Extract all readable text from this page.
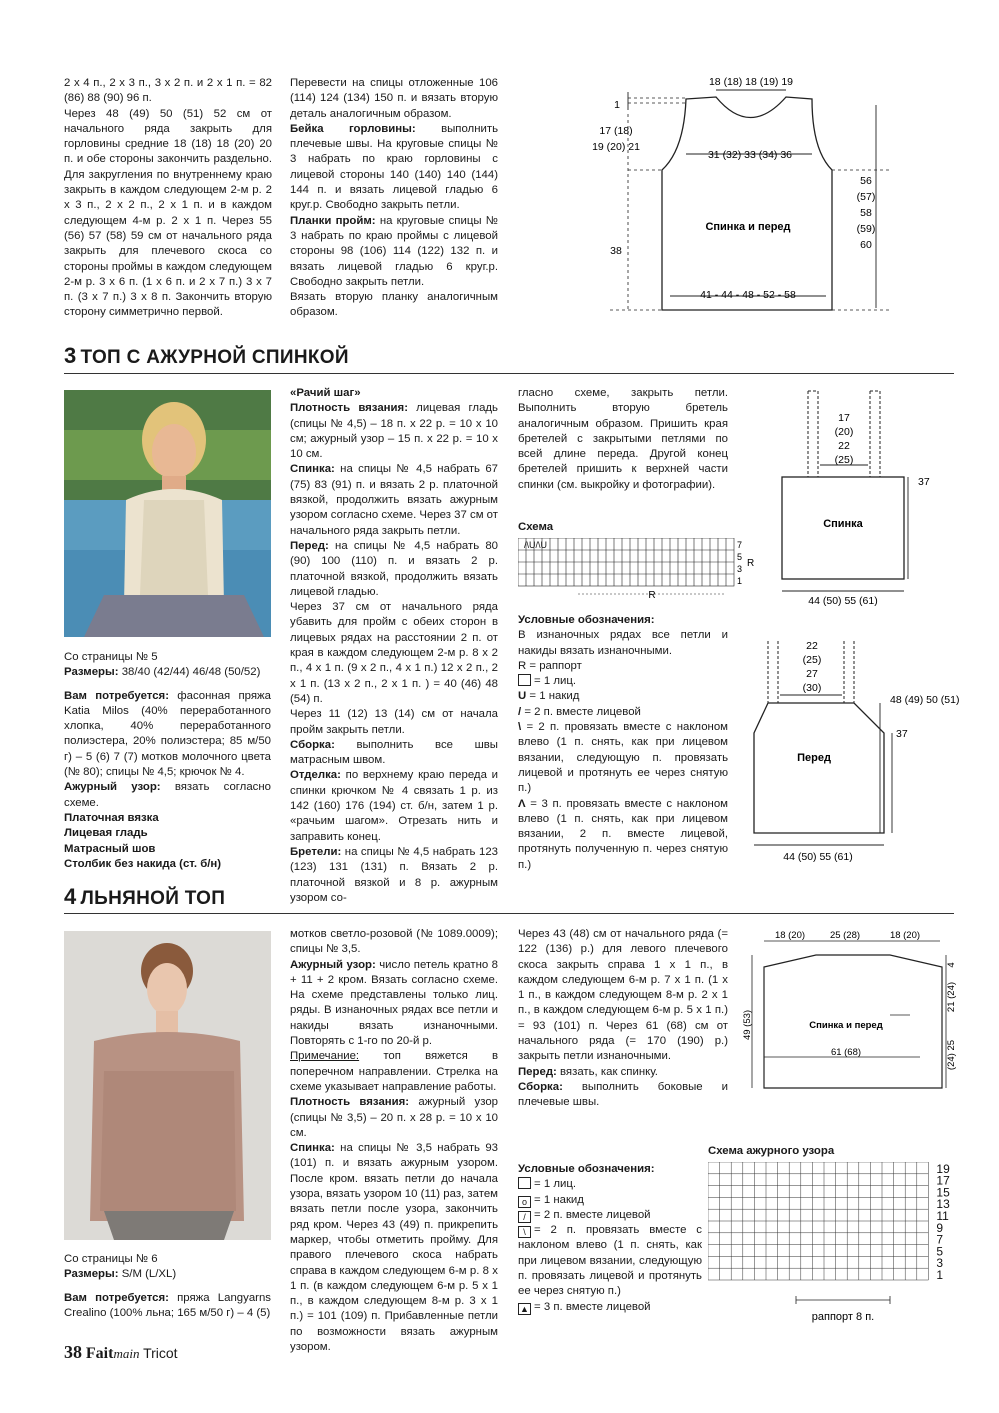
2 х 4 п., 2 х 3 п., 3 х 2 п. и 2 х 1 п. = 82 (86) 88 (90) 96 п.

Через 48 (49) 50 (51) 52 см от начального ряда закрыть для горловины средние 18 (18) 18 (20) 20 п. и обе стороны закончить раздельно. Для закругления по внутреннему краю закрыть в каждом следующем 2-м р. 2 х 3 п., 2 х 2 п., 2 х 1 п. и в каждом следующем 4-м р. 2 х 1 п. Через 55 (56) 57 (58) 59 см от начального ряда закрыть для плечевого скоса со стороны проймы в каждом следующем 2-м р. 3 х 6 п. (1 х 6 п. и 2 х 7 п.) 3 х 7 п. (3 х 7 п.) 3 х 8 п. Закончить вторую сторону симметрично первой.

Перевести на спицы отложенные 106 (114) 124 (134) 150 п. и вязать вторую деталь аналогичным образом.

Бейка горловины: выполнить плечевые швы. На круговые спицы № 3 набрать по краю горловины с лицевой стороны 140 (140) 140 (144) 144 п. и вязать лицевой гладью 6 круг.р. Свободно закрыть петли.

Планки пройм: на круговые спицы № 3 набрать по краю проймы с лицевой стороны 98 (106) 114 (122) 132 п. и вязать лицевой гладью 6 круг.р. Свободно закрыть петли.

Вязать вторую планку аналогичным образом.

18 (18) 18 (19) 19
1
17 (18)
19 (20) 21
31 (32) 33 (34) 36
Спинка и перед
38
56
(57)
58
(59)
60
41 - 44 - 48 - 52 - 58
3 ТОП С АЖУРНОЙ СПИНКОЙ

Со страницы № 5

Размеры: 38/40 (42/44) 46/48 (50/52)

Вам потребуется: фасонная пряжа Katia Milos (40% переработанного хлопка, 40% переработанного полиэстера, 20% полиэстера; 85 м/50 г) – 5 (6) 7 (7) мотков молочного цвета (№ 80); спицы № 4,5; крючок № 4.

Ажурный узор: вязать согласно схеме.

Платочная вязка

Лицевая гладь

Матрасный шов

Столбик без накида (ст. б/н)

«Рачий шаг»

Плотность вязания: лицевая гладь (спицы № 4,5) – 18 п. х 22 р. = 10 х 10 см; ажурный узор – 15 п. х 22 р. = 10 х 10 см.

Спинка: на спицы № 4,5 набрать 67 (75) 83 (91) п. и вязать 2 р. платочной вязкой, продолжить вязать ажурным узором согласно схеме. Через 37 см от начального ряда закрыть петли.

Перед: на спицы № 4,5 набрать 80 (90) 100 (110) п. и вязать 2 р. платочной вязкой, продолжить вязать лицевой гладью.

Через 37 см от начального ряда убавить для пройм с обеих сторон в лицевых рядах на расстоянии 2 п. от края в каждом следующем 2-м р. 8 х 2 п., 4 х 1 п. (9 х 2 п., 4 х 1 п.) 12 х 2 п., 2 х 1 п. (13 х 2 п., 2 х 1 п. ) = 40 (46) 48 (54) п.

Через 11 (12) 13 (14) см от начала пройм закрыть петли.

Сборка: выполнить все швы матрасным швом.

Отделка: по верхнему краю переда и спинки крючком № 4 связать 1 р. из 142 (160) 176 (194) ст. б/н, затем 1 р. «рачьим шагом». Отрезать нить и заправить конец.

Бретели: на спицы № 4,5 набрать 123 (123) 131 (131) п. Вязать 2 р. платочной вязкой и 8 р. ажурным узором со-

гласно схеме, закрыть петли. Выполнить вторую бретель аналогичным образом. Пришить края бретелей с закрытыми петлями по всей длине переда. Другой конец бретелей пришить к верхней части спинки (см. выкройку и фотографии).

Схема
/\U/\U	7
5
3
1
R
R

Условные обозначения:

В изнаночных рядах все петли и накиды вязать изнаночными.

R = раппорт

= 1 лиц.

U = 1 накид

/ = 2 п. вместе лицевой

\ = 2 п. провязать вместе с наклоном влево (1 п. снять, как при лицевом вязании, следующую п. провязать лицевой и протянуть ее через снятую п.)

Λ = 3 п. провязать вместе с наклоном влево (1 п. снять, как при лицевом вязании, 2 п. вместе лицевой, протянуть полученную п. через снятую п.)

17
(20)
22
(25)
37
Спинка
44 (50) 55 (61)
22
(25)
27
(30)
48 (49) 50 (51)
37
Перед
44 (50) 55 (61)
4 ЛЬНЯНОЙ ТОП

Со страницы № 6

Размеры: S/M (L/XL)

Вам потребуется: пряжа Langyarns Crealino (100% льна; 165 м/50 г) – 4 (5)

мотков светло-розовой (№ 1089.0009); спицы № 3,5.

Ажурный узор: число петель кратно 8 + 11 + 2 кром. Вязать согласно схеме. На схеме представлены только лиц. ряды. В изнаночных рядах все петли и накиды вязать изнаночными. Повторять с 1-го по 20-й р.

Примечание: топ вяжется в поперечном направлении. Стрелка на схеме указывает направление работы.

Плотность вязания: ажурный узор (спицы № 3,5) – 20 п. х 28 р. = 10 х 10 см.

Спинка: на спицы № 3,5 набрать 93 (101) п. и вязать ажурным узором. После кром. вязать петли до начала узора, вязать узором 10 (11) раз, затем вязать петли после узора, закончить ряд кром. Через 43 (49) п. прикрепить маркер, чтобы отметить пройму. Для правого плечевого скоса набрать справа в каждом следующем 6-м р. 8 х 1 п. (в каждом следующем 6-м р. 5 х 1 п., в каждом следующем 8-м р. 3 х 1 п.) = 101 (109) п. Прибавленные петли по возможности вязать ажурным узором.

Через 43 (48) см от начального ряда (= 122 (136) р.) для левого плечевого скоса закрыть справа 1 х 1 п., в каждом следующем 6-м р. 7 х 1 п. (1 х 1 п., в каждом следующем 8-м р. 2 х 1 п., в каждом следующем 6-м р. 5 х 1 п.) = 93 (101) п. Через 61 (68) см от начального ряда (= 170 (190) р.) закрыть петли изнаночными.

Перед: вязать, как спинку.

Сборка: выполнить боковые и плечевые швы.

Условные обозначения:

= 1 лиц.

o = 1 накид

/ = 2 п. вместе лицевой

\ = 2 п. провязать вместе с наклоном влево (1 п. снять, как при лицевом вязании, следующую п. провязать лицевой и протянуть ее через снятую п.)

▲ = 3 п. вместе лицевой

18 (20)	25 (28)	18 (20)
Спинка и перед
49 (53)
4
21 (24)
(24) 25
61 (68)
Схема ажурного узора
19
17
15
13
11
9
7
5
3
1
раппорт 8 п.
38 Faitmain Tricot
